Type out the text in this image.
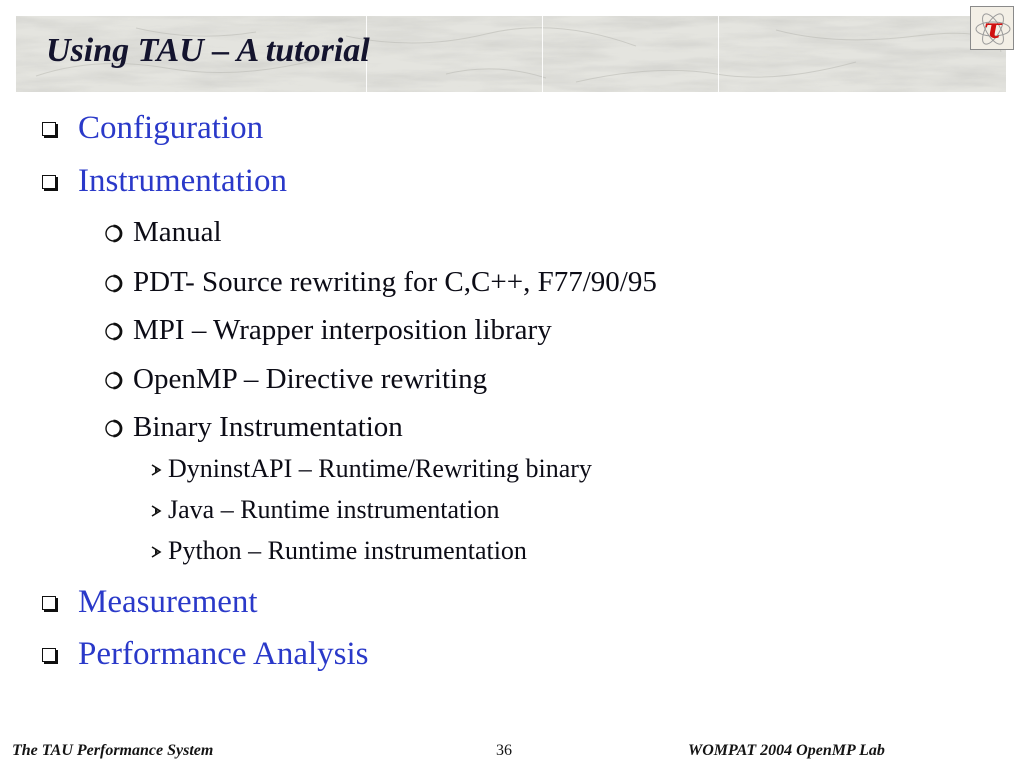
Using TAU – A tutorial
τ
Configuration
Instrumentation
Manual
PDT- Source rewriting for C,C++, F77/90/95
MPI – Wrapper interposition library
OpenMP – Directive rewriting
Binary Instrumentation
DyninstAPI – Runtime/Rewriting binary
Java – Runtime instrumentation
Python – Runtime instrumentation
Measurement
Performance Analysis
The TAU Performance System	36	WOMPAT 2004 OpenMP Lab
